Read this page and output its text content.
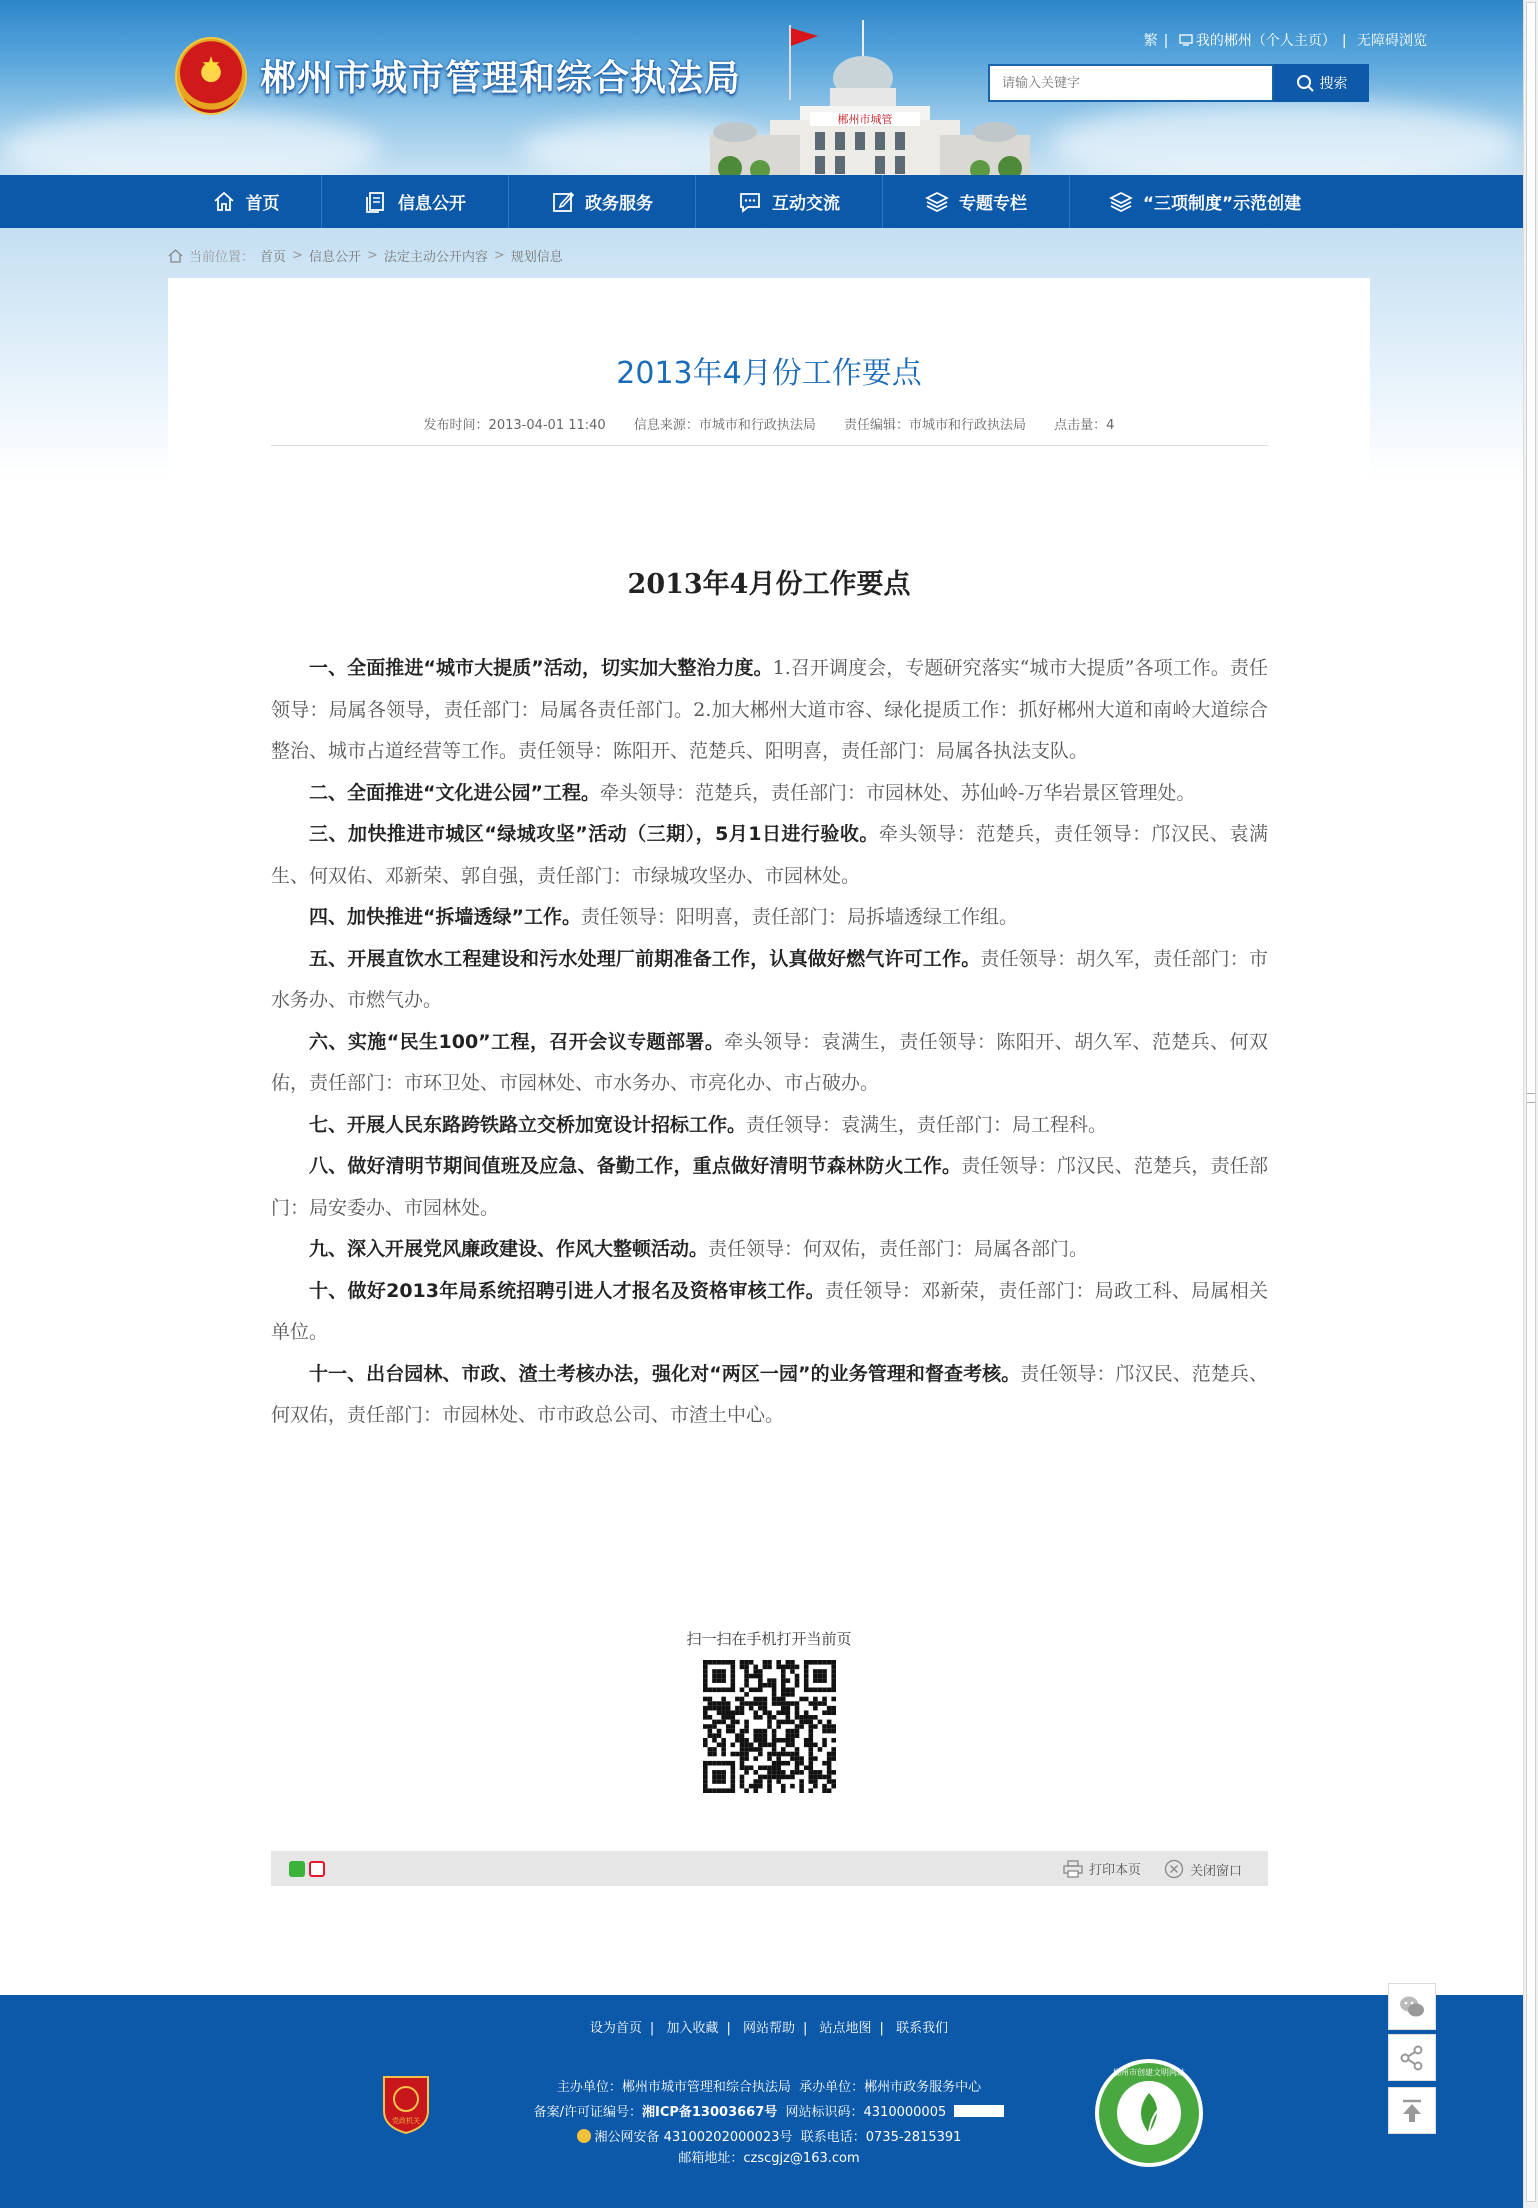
★	郴州市城市管理和综合执法局
郴州市城管
繁 | 我的郴州（个人主页） | 无障碍浏览
请输入关键字
搜索
首页	信息公开	政务服务	互动交流	专题专栏	“三项制度”示范创建
当前位置： 首页 > 信息公开 > 法定主动公开内容 > 规划信息
2013年4月份工作要点
发布时间：2013-04-01 11:40 信息来源：市城市和行政执法局 责任编辑：市城市和行政执法局 点击量：4
2013年4月份工作要点

一、全面推进“城市大提质”活动，切实加大整治力度。1.召开调度会，专题研究落实“城市大提质”各项工作。责任领导：局属各领导，责任部门：局属各责任部门。2.加大郴州大道市容、绿化提质工作：抓好郴州大道和南岭大道综合整治、城市占道经营等工作。责任领导：陈阳开、范楚兵、阳明喜，责任部门：局属各执法支队。

二、全面推进“文化进公园”工程。牵头领导：范楚兵，责任部门：市园林处、苏仙岭-万华岩景区管理处。

三、加快推进市城区“绿城攻坚”活动（三期），5月1日进行验收。牵头领导：范楚兵，责任领导：邝汉民、袁满生、何双佑、邓新荣、郭自强，责任部门：市绿城攻坚办、市园林处。

四、加快推进“拆墙透绿”工作。责任领导：阳明喜，责任部门：局拆墙透绿工作组。

五、开展直饮水工程建设和污水处理厂前期准备工作，认真做好燃气许可工作。责任领导：胡久军，责任部门：市水务办、市燃气办。

六、实施“民生100”工程，召开会议专题部署。牵头领导：袁满生，责任领导：陈阳开、胡久军、范楚兵、何双佑，责任部门：市环卫处、市园林处、市水务办、市亮化办、市占破办。

七、开展人民东路跨铁路立交桥加宽设计招标工作。责任领导：袁满生，责任部门：局工程科。

八、做好清明节期间值班及应急、备勤工作，重点做好清明节森林防火工作。责任领导：邝汉民、范楚兵，责任部门：局安委办、市园林处。

九、深入开展党风廉政建设、作风大整顿活动。责任领导：何双佑，责任部门：局属各部门。

十、做好2013年局系统招聘引进人才报名及资格审核工作。责任领导：邓新荣，责任部门：局政工科、局属相关单位。

十一、出台园林、市政、渣土考核办法，强化对“两区一园”的业务管理和督查考核。责任领导：邝汉民、范楚兵、何双佑，责任部门：市园林处、市市政总公司、市渣土中心。

扫一扫在手机打开当前页
打印本页	关闭窗口
设为首页 | 加入收藏 | 网站帮助 | 站点地图 | 联系我们
党政机关
主办单位：郴州市城市管理和综合执法局 承办单位：郴州市政务服务中心
备案/许可证编号：湘ICP备13003667号 网站标识码：4310000005
湘公网安备 43100202000023号 联系电话：0735-2815391
邮箱地址：czscgjz@163.com
郴州市创建文明网站
